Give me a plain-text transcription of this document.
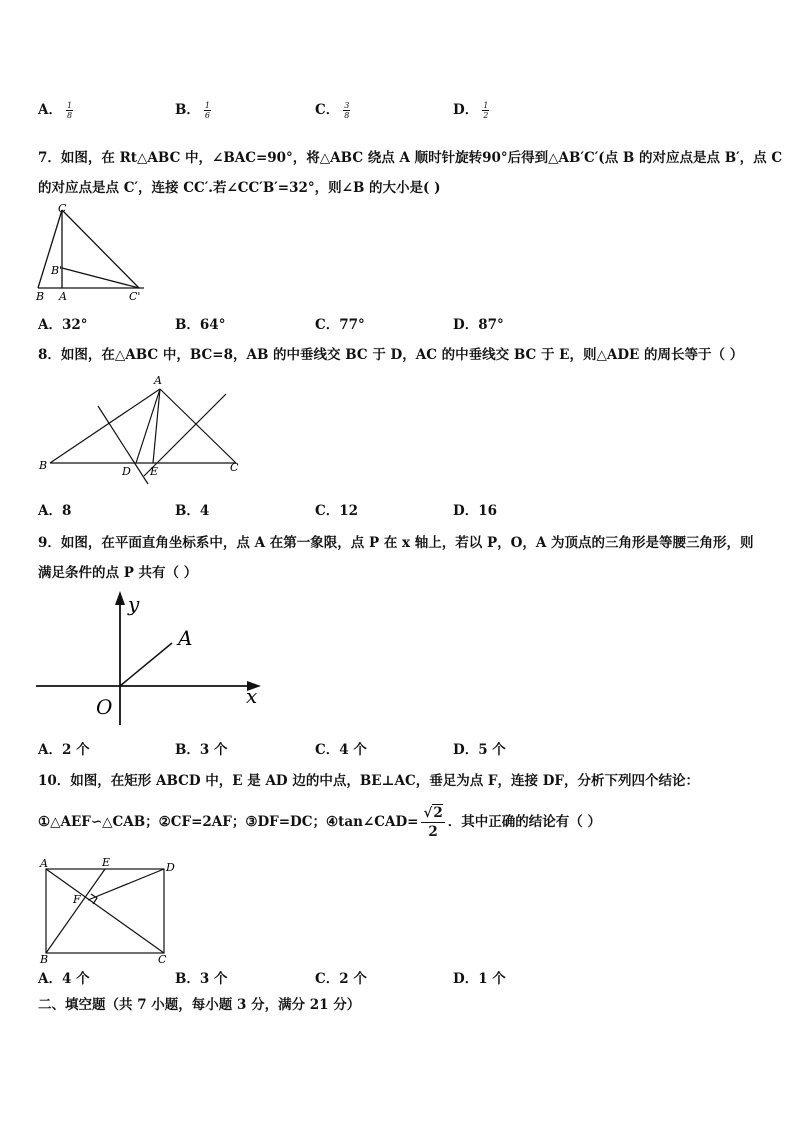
A． $\frac{1}{8}$	B． $\frac{1}{6}$	C． $\frac{3}{8}$	D． $\frac{1}{2}$
7．如图，在 Rt△ABC 中，∠BAC=90°，将△ABC 绕点 A 顺时针旋转90°后得到△AB′C′(点 B 的对应点是点 B′，点 C
的对应点是点 C′，连接 CC′.若∠CC′B′=32°，则∠B 的大小是( )
C
B'
B A	C'
A．32°	B．64°	C．77°	D．87°
8．如图，在△ABC 中，BC=8，AB 的中垂线交 BC 于 D，AC 的中垂线交 BC 于 E，则△ADE 的周长等于（ ）
A
B	D E	C
A．8	B．4	C．12	D．16
9．如图，在平面直角坐标系中，点 A 在第一象限，点 P 在 x 轴上，若以 P，O，A 为顶点的三角形是等腰三角形，则
满足条件的点 P 共有（ ）
y
A
O	x
A．2 个	B．3 个	C．4 个	D．5 个
10．如图，在矩形 ABCD 中，E 是 AD 边的中点，BE⊥AC，垂足为点 F，连接 DF，分析下列四个结论：
①△AEF∽△CAB；②CF=2AF；③DF=DC；④tan∠CAD= $\frac{√2}{2}$ ．其中正确的结论有（ ）
A	E	D
F
B	C
A．4 个	B．3 个	C．2 个	D．1 个
二、填空题（共 7 小题，每小题 3 分，满分 21 分）
